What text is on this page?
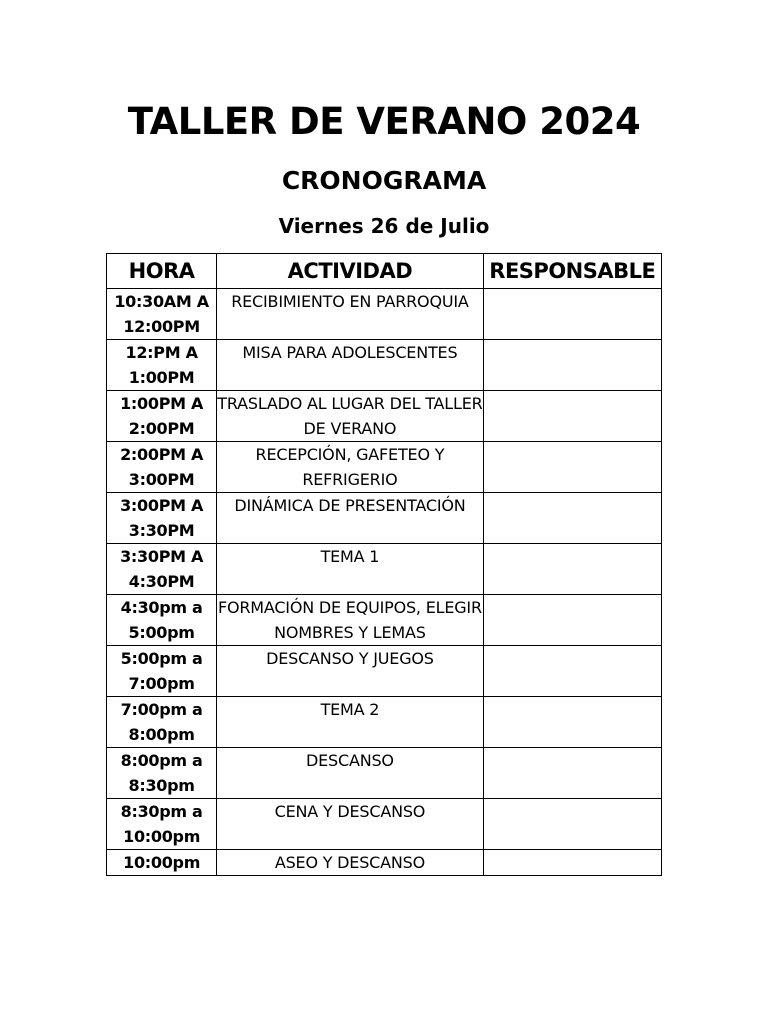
TALLER DE VERANO 2024
CRONOGRAMA
Viernes 26 de Julio
HORA	ACTIVIDAD	RESPONSABLE
10:30AM A 12:00PM	RECIBIMIENTO EN PARROQUIA	
12:PM A 1:00PM	MISA PARA ADOLESCENTES	
1:00PM A 2:00PM	TRASLADO AL LUGAR DEL TALLER DE VERANO	
2:00PM A 3:00PM	RECEPCIÓN, GAFETEO Y REFRIGERIO	
3:00PM A 3:30PM	DINÁMICA DE PRESENTACIÓN	
3:30PM A 4:30PM	TEMA 1	
4:30pm a 5:00pm	FORMACIÓN DE EQUIPOS, ELEGIR NOMBRES Y LEMAS	
5:00pm a 7:00pm	DESCANSO Y JUEGOS	
7:00pm a 8:00pm	TEMA 2	
8:00pm a 8:30pm	DESCANSO	
8:30pm a 10:00pm	CENA Y DESCANSO	
10:00pm	ASEO Y DESCANSO	
